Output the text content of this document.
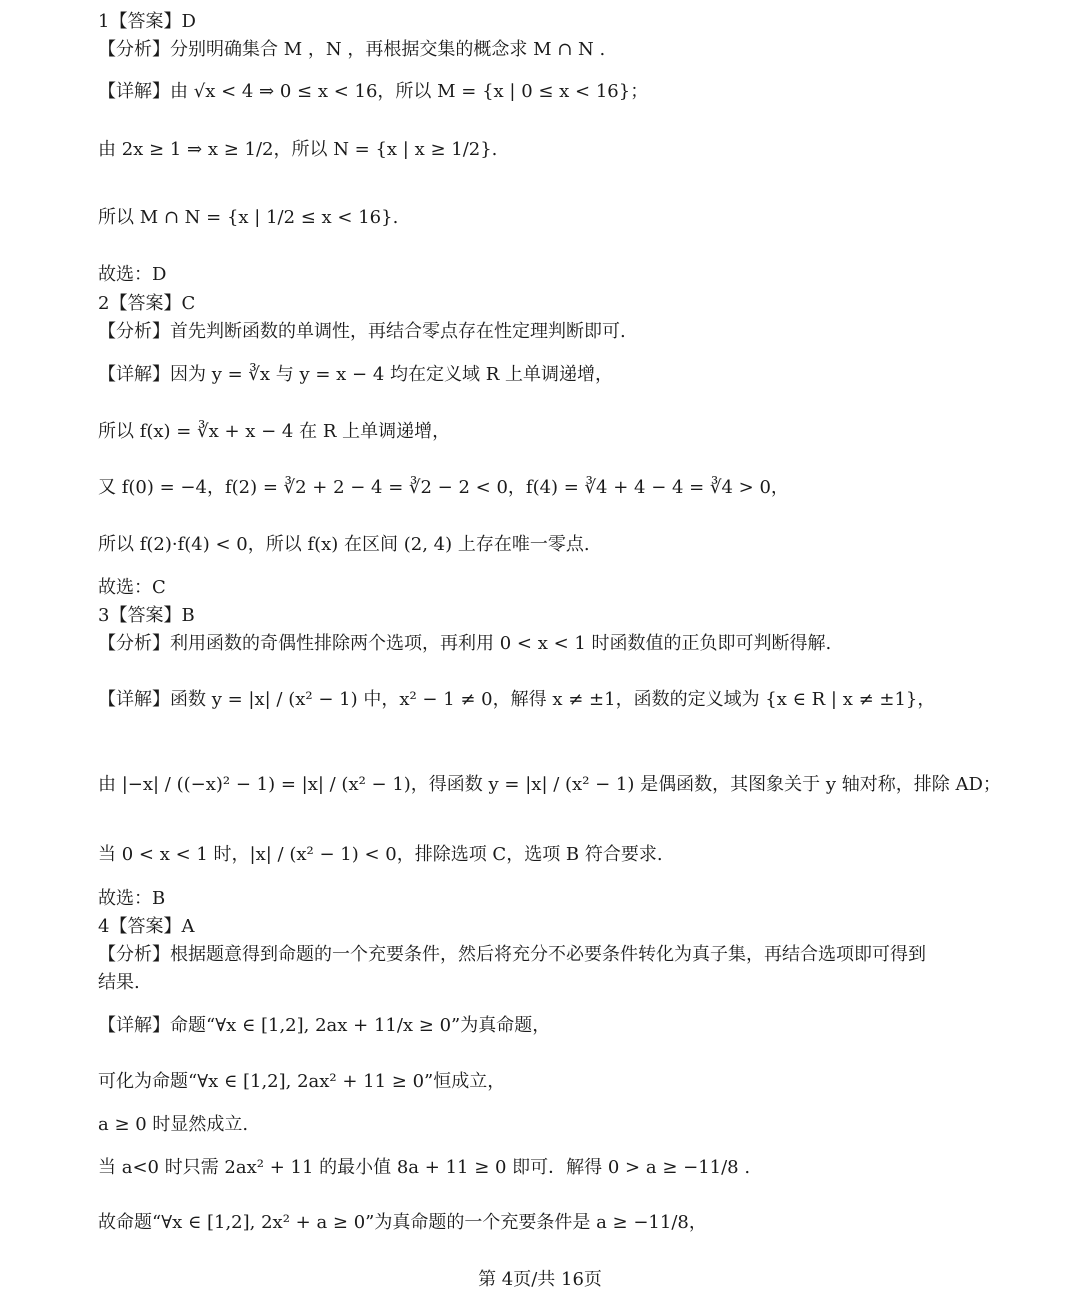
1【答案】D
【分析】分别明确集合 M ，N ，再根据交集的概念求 M ∩ N .
【详解】由 √x < 4 ⇒ 0 ≤ x < 16，所以 M = {x | 0 ≤ x < 16}；
由 2x ≥ 1 ⇒ x ≥ 1/2，所以 N = {x | x ≥ 1/2}.
所以 M ∩ N = {x | 1/2 ≤ x < 16}.
故选：D
2【答案】C
【分析】首先判断函数的单调性，再结合零点存在性定理判断即可.
【详解】因为 y = ∛x 与 y = x − 4 均在定义域 R 上单调递增，
所以 f(x) = ∛x + x − 4 在 R 上单调递增，
又 f(0) = −4，f(2) = ∛2 + 2 − 4 = ∛2 − 2 < 0，f(4) = ∛4 + 4 − 4 = ∛4 > 0，
所以 f(2)·f(4) < 0，所以 f(x) 在区间 (2, 4) 上存在唯一零点.
故选：C
3【答案】B
【分析】利用函数的奇偶性排除两个选项，再利用 0 < x < 1 时函数值的正负即可判断得解.
【详解】函数 y = |x| / (x² − 1) 中，x² − 1 ≠ 0，解得 x ≠ ±1，函数的定义域为 {x ∈ R | x ≠ ±1}，
由 |−x| / ((−x)² − 1) = |x| / (x² − 1)，得函数 y = |x| / (x² − 1) 是偶函数，其图象关于 y 轴对称，排除 AD；
当 0 < x < 1 时，|x| / (x² − 1) < 0，排除选项 C，选项 B 符合要求.
故选：B
4【答案】A
【分析】根据题意得到命题的一个充要条件，然后将充分不必要条件转化为真子集，再结合选项即可得到
结果.
【详解】命题“∀x ∈ [1,2], 2ax + 11/x ≥ 0”为真命题，
可化为命题“∀x ∈ [1,2], 2ax² + 11 ≥ 0”恒成立，
a ≥ 0 时显然成立.
当 a<0 时只需 2ax² + 11 的最小值 8a + 11 ≥ 0 即可．解得 0 > a ≥ −11/8 .
故命题“∀x ∈ [1,2], 2x² + a ≥ 0”为真命题的一个充要条件是 a ≥ −11/8，
第 4页/共 16页
